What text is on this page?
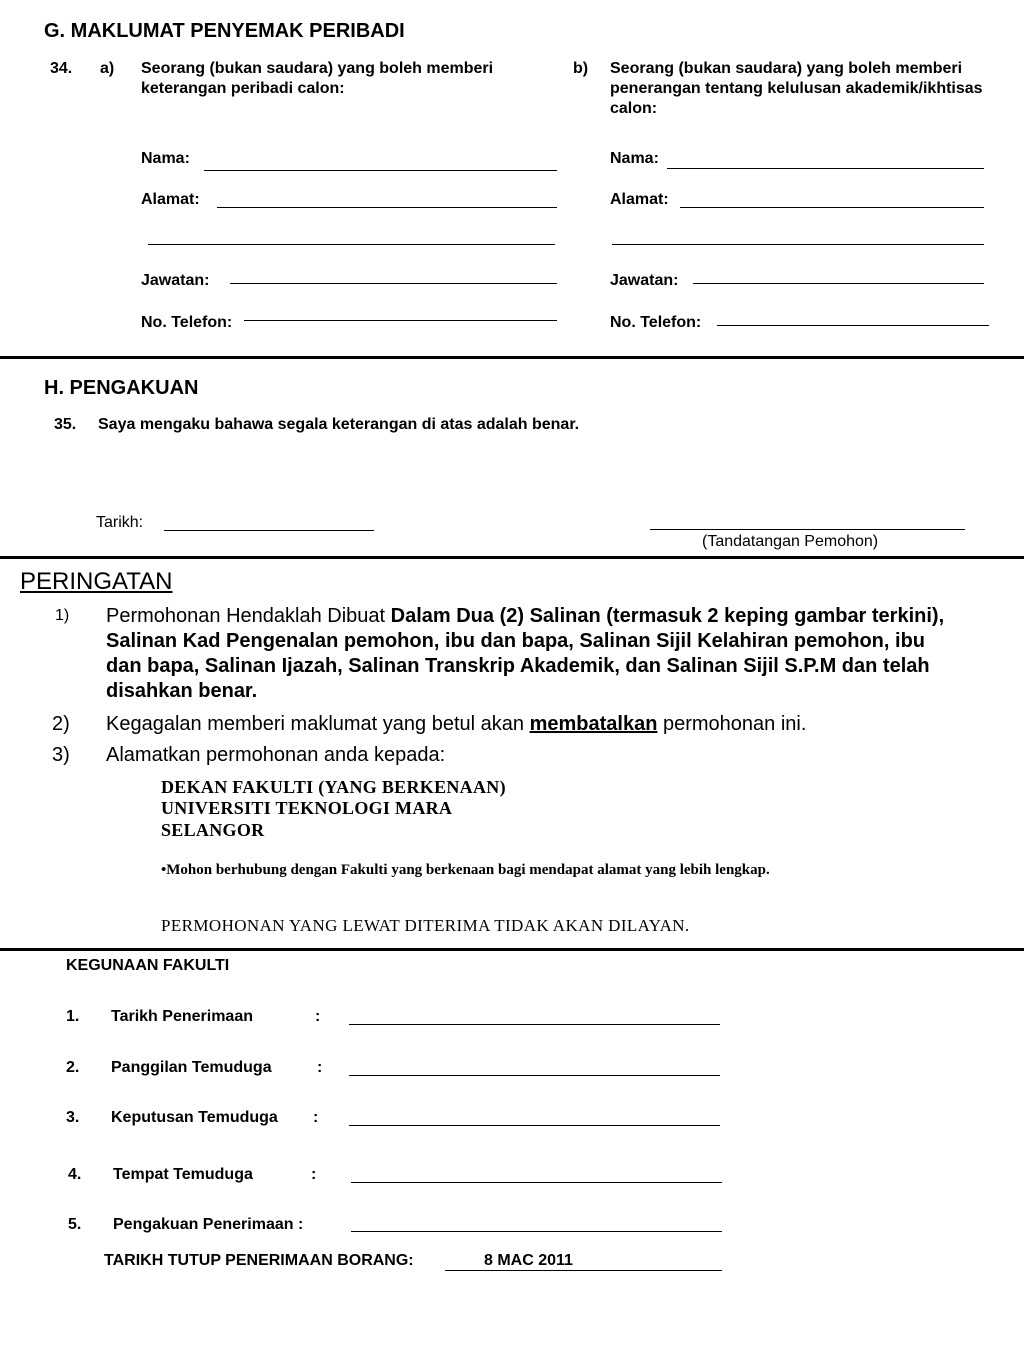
G. MAKLUMAT PENYEMAK PERIBADI
34. a) Seorang (bukan saudara) yang boleh memberi
keterangan peribadi calon:
Nama:
Alamat:
Jawatan:
No. Telefon:
b) Seorang (bukan saudara) yang boleh memberi
penerangan tentang kelulusan akademik/ikhtisas
calon:
Nama:
Alamat:
Jawatan:
No. Telefon:
H. PENGAKUAN
35. Saya mengaku bahawa segala keterangan di atas adalah benar.
Tarikh:
(Tandatangan Pemohon)
PERINGATAN
1) Permohonan Hendaklah Dibuat Dalam Dua (2) Salinan (termasuk 2 keping gambar terkini), Salinan Kad Pengenalan pemohon, ibu dan bapa, Salinan Sijil Kelahiran pemohon, ibu dan bapa, Salinan Ijazah, Salinan Transkrip Akademik, dan Salinan Sijil S.P.M dan telah disahkan benar.
2) Kegagalan memberi maklumat yang betul akan membatalkan permohonan ini.
3) Alamatkan permohonan anda kepada:
DEKAN FAKULTI (YANG BERKENAAN)
UNIVERSITI TEKNOLOGI MARA
SELANGOR
•Mohon berhubung dengan Fakulti yang berkenaan bagi mendapat alamat yang lebih lengkap.
PERMOHONAN YANG LEWAT DITERIMA TIDAK AKAN DILAYAN.
KEGUNAAN FAKULTI
1. Tarikh Penerimaan	:
2. Panggilan Temuduga	:
3. Keputusan Temuduga :
4. Tempat Temuduga	:
5. Pengakuan Penerimaan :
TARIKH TUTUP PENERIMAAN BORANG:	8 MAC 2011
